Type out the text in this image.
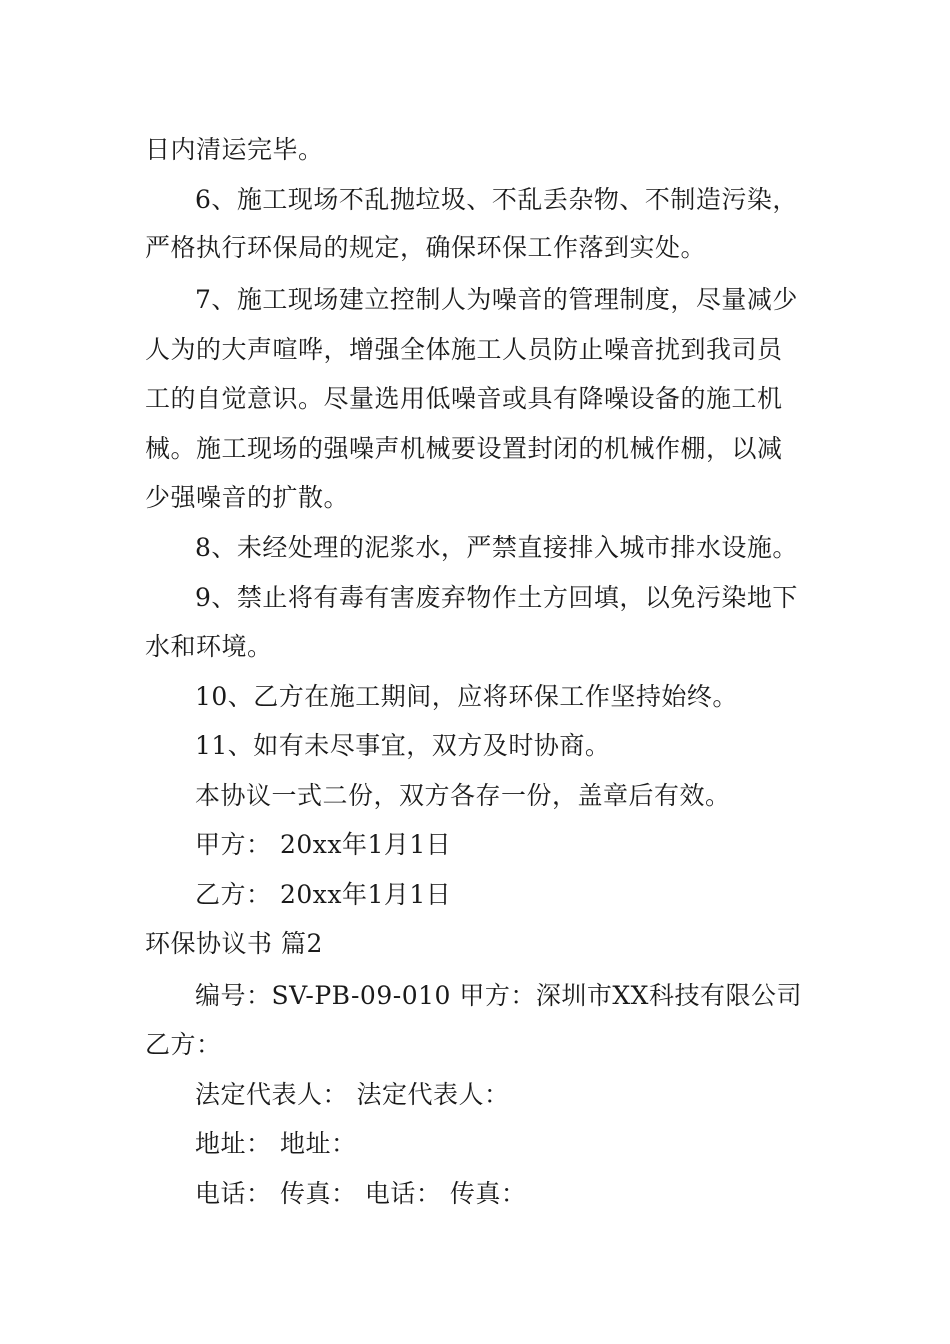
日内清运完毕。
6、施工现场不乱抛垃圾、不乱丢杂物、不制造污染，
严格执行环保局的规定，确保环保工作落到实处。
7、施工现场建立控制人为噪音的管理制度，尽量减少
人为的大声喧哗，增强全体施工人员防止噪音扰到我司员
工的自觉意识。尽量选用低噪音或具有降噪设备的施工机
械。施工现场的强噪声机械要设置封闭的机械作棚，以减
少强噪音的扩散。
8、未经处理的泥浆水，严禁直接排入城市排水设施。
9、禁止将有毒有害废弃物作土方回填，以免污染地下
水和环境。
10、乙方在施工期间，应将环保工作坚持始终。
11、如有未尽事宜，双方及时协商。
本协议一式二份，双方各存一份，盖章后有效。
甲方： 20xx年1月1日
乙方： 20xx年1月1日
环保协议书 篇2
编号：SV-PB-09-010 甲方：深圳市XX科技有限公司
乙方：
法定代表人： 法定代表人：
地址： 地址：
电话： 传真： 电话： 传真：
